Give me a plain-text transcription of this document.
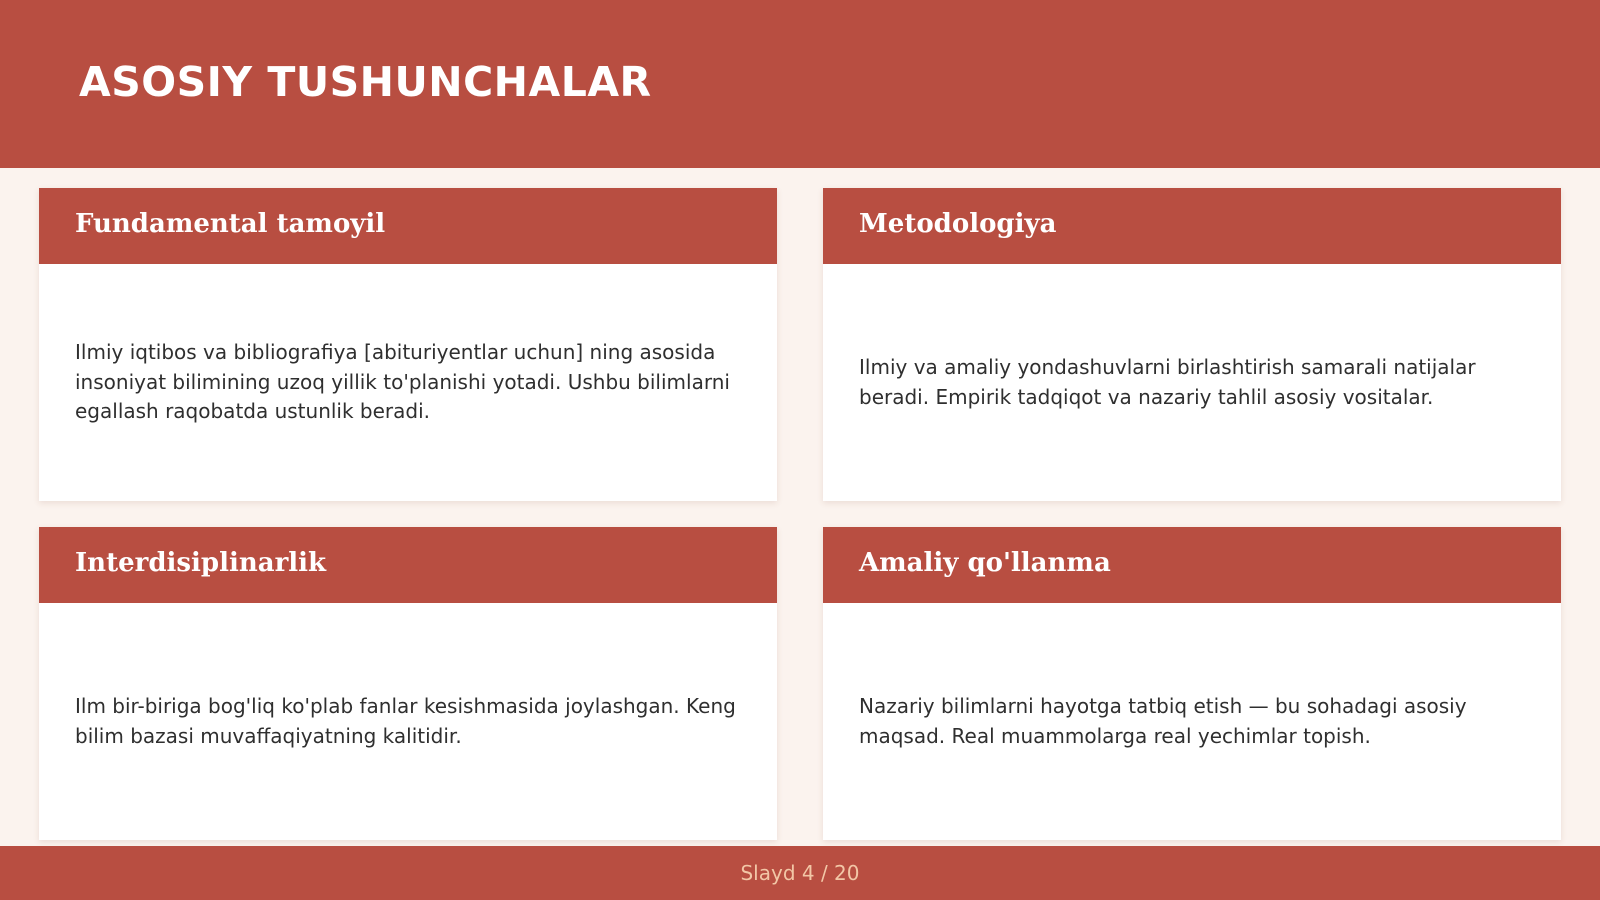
ASOSIY TUSHUNCHALAR
Fundamental tamoyil

Ilmiy iqtibos va bibliografiya [abituriyentlar uchun] ning asosida insoniyat bilimining uzoq yillik to'planishi yotadi. Ushbu bilimlarni egallash raqobatda ustunlik beradi.

Metodologiya

Ilmiy va amaliy yondashuvlarni birlashtirish samarali natijalar beradi. Empirik tadqiqot va nazariy tahlil asosiy vositalar.

Interdisiplinarlik

Ilm bir-biriga bog'liq ko'plab fanlar kesishmasida joylashgan. Keng bilim bazasi muvaffaqiyatning kalitidir.

Amaliy qo'llanma

Nazariy bilimlarni hayotga tatbiq etish — bu sohadagi asosiy maqsad. Real muammolarga real yechimlar topish.

Slayd 4 / 20
